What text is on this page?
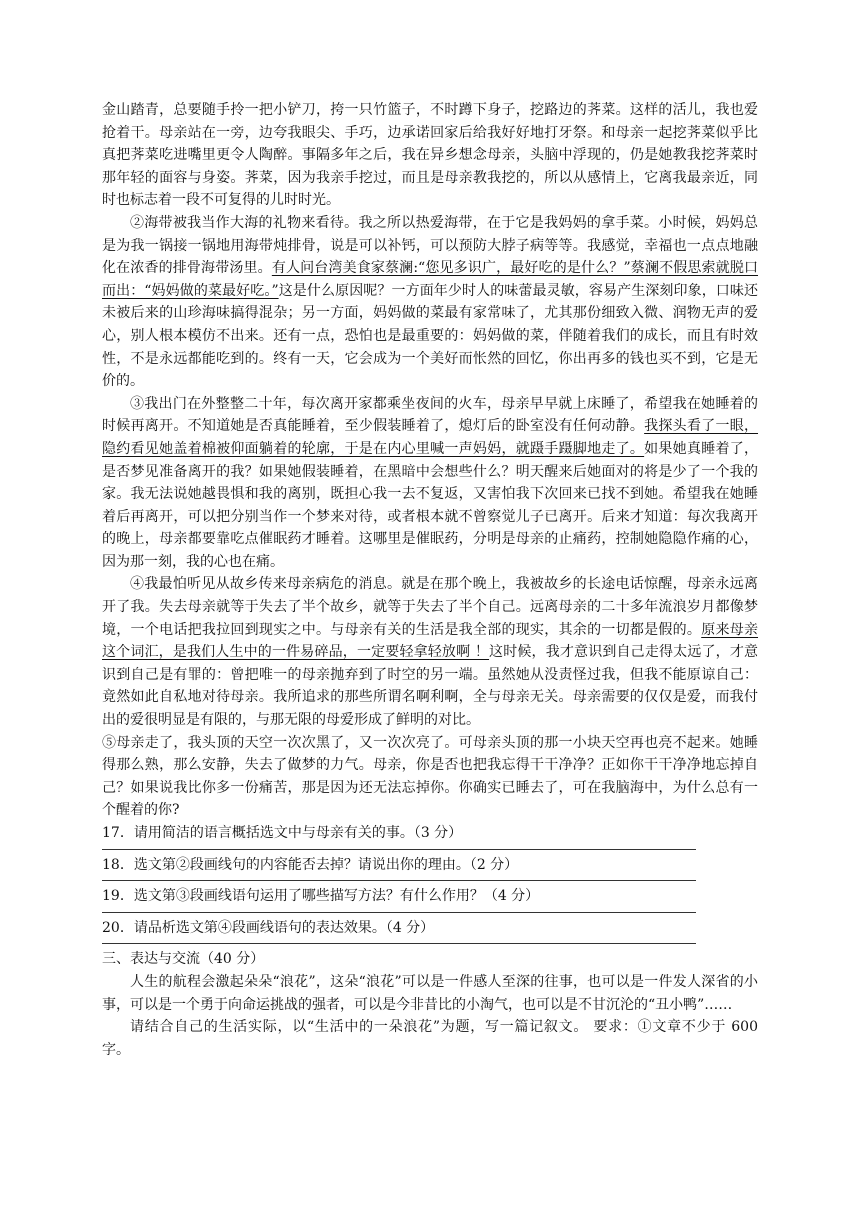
金山踏青，总要随手拎一把小铲刀，挎一只竹篮子，不时蹲下身子，挖路边的荠菜。这样的活儿，我也爱抢着干。母亲站在一旁，边夸我眼尖、手巧，边承诺回家后给我好好地打牙祭。和母亲一起挖荠菜似乎比真把荠菜吃进嘴里更令人陶醉。事隔多年之后，我在异乡想念母亲，头脑中浮现的，仍是她教我挖荠菜时那年轻的面容与身姿。荠菜，因为我亲手挖过，而且是母亲教我挖的，所以从感情上，它离我最亲近，同时也标志着一段不可复得的儿时时光。

②海带被我当作大海的礼物来看待。我之所以热爱海带，在于它是我妈妈的拿手菜。小时候，妈妈总是为我一锅接一锅地用海带炖排骨，说是可以补钙，可以预防大脖子病等等。我感觉，幸福也一点点地融化在浓香的排骨海带汤里。有人问台湾美食家蔡澜:“您见多识广，最好吃的是什么？”蔡澜不假思索就脱口而出：“妈妈做的菜最好吃。”这是什么原因呢？一方面年少时人的味蕾最灵敏，容易产生深刻印象，口味还未被后来的山珍海味搞得混杂；另一方面，妈妈做的菜最有家常味了，尤其那份细致入微、润物无声的爱心，别人根本模仿不出来。还有一点，恐怕也是最重要的：妈妈做的菜，伴随着我们的成长，而且有时效性，不是永远都能吃到的。终有一天，它会成为一个美好而怅然的回忆，你出再多的钱也买不到，它是无价的。

③我出门在外整整二十年，每次离开家都乘坐夜间的火车，母亲早早就上床睡了，希望我在她睡着的时候再离开。不知道她是否真能睡着，至少假装睡着了，熄灯后的卧室没有任何动静。我探头看了一眼，隐约看见她盖着棉被仰面躺着的轮廓，于是在内心里喊一声妈妈，就蹑手蹑脚地走了。如果她真睡着了，是否梦见准备离开的我？如果她假装睡着，在黑暗中会想些什么？明天醒来后她面对的将是少了一个我的家。我无法说她越畏惧和我的离别，既担心我一去不复返，又害怕我下次回来已找不到她。希望我在她睡着后再离开，可以把分别当作一个梦来对待，或者根本就不曾察觉儿子已离开。后来才知道：每次我离开的晚上，母亲都要靠吃点催眠药才睡着。这哪里是催眠药，分明是母亲的止痛药，控制她隐隐作痛的心，因为那一刻，我的心也在痛。

④我最怕听见从故乡传来母亲病危的消息。就是在那个晚上，我被故乡的长途电话惊醒，母亲永远离开了我。失去母亲就等于失去了半个故乡，就等于失去了半个自己。远离母亲的二十多年流浪岁月都像梦境，一个电话把我拉回到现实之中。与母亲有关的生活是我全部的现实，其余的一切都是假的。原来母亲这个词汇，是我们人生中的一件易碎品，一定要轻拿轻放啊 ！这时候，我才意识到自己走得太远了，才意识到自己是有罪的：曾把唯一的母亲抛弃到了时空的另一端。虽然她从没责怪过我，但我不能原谅自己：竟然如此自私地对待母亲。我所追求的那些所谓名啊利啊，全与母亲无关。母亲需要的仅仅是爱，而我付出的爱很明显是有限的，与那无限的母爱形成了鲜明的对比。

⑤母亲走了，我头顶的天空一次次黑了，又一次次亮了。可母亲头顶的那一小块天空再也亮不起来。她睡得那么熟，那么安静，失去了做梦的力气。母亲，你是否也把我忘得干干净净？正如你干干净净地忘掉自己？如果说我比你多一份痛苦，那是因为还无法忘掉你。你确实已睡去了，可在我脑海中，为什么总有一个醒着的你?

17．请用简洁的语言概括选文中与母亲有关的事。（3 分）

18．选文第②段画线句的内容能否去掉？请说出你的理由。（2 分）

19．选文第③段画线语句运用了哪些描写方法？有什么作用？（4 分）

20．请品析选文第④段画线语句的表达效果。（4 分）

三、表达与交流（40 分）

人生的航程会激起朵朵“浪花”，这朵“浪花”可以是一件感人至深的往事，也可以是一件发人深省的小事，可以是一个勇于向命运挑战的强者，可以是今非昔比的小淘气，也可以是不甘沉沦的“丑小鸭”……

请结合自己的生活实际，以“生活中的一朵浪花”为题，写一篇记叙文。 要求：①文章不少于 600 字。
